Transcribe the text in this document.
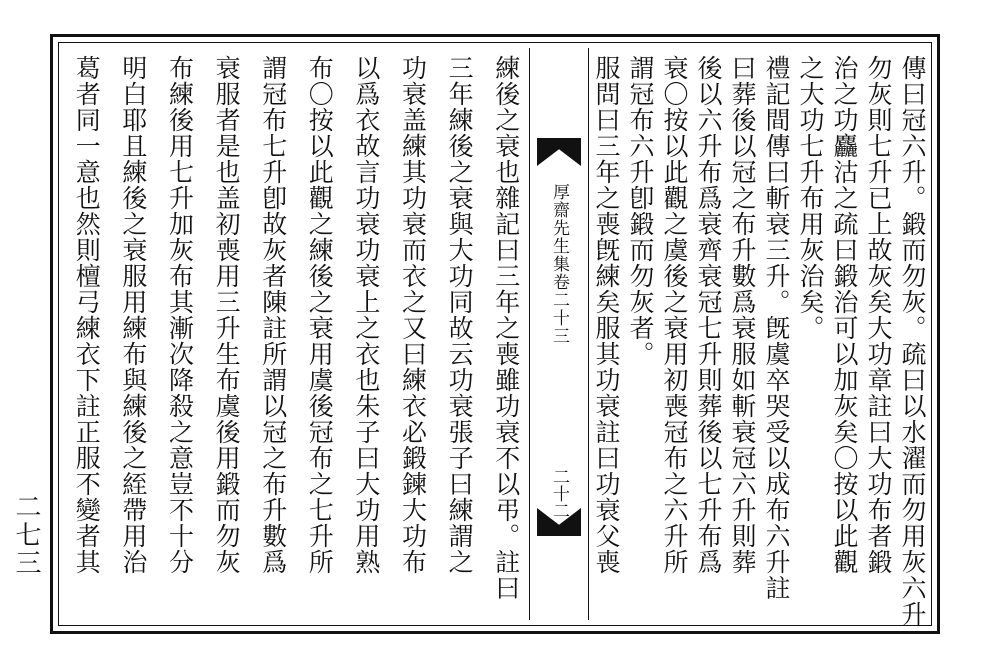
厚齋先生集卷二十三
二十二	傳曰冠六升。鍛而勿灰。疏曰以水濯而勿用灰六升
勿灰則七升已上故灰矣大功章註曰大功布者鍛
治之功麤沽之疏曰鍛治可以加灰矣〇按以此觀
之大功七升布用灰治矣。
禮記間傳曰斬衰三升。旣虞卒哭受以成布六升註
曰葬後以冠之布升數爲衰服如斬衰冠六升則葬
後以六升布爲衰齊衰冠七升則葬後以七升布爲
衰〇按以此觀之虞後之衰用初喪冠布之六升所
謂冠布六升卽鍛而勿灰者。
服問曰三年之喪旣練矣服其功衰註曰功衰父喪
練後之衰也雜記曰三年之喪雖功衰不以弔。註曰
三年練後之衰與大功同故云功衰張子曰練謂之
功衰盖練其功衰而衣之又曰練衣必鍛鍊大功布
以爲衣故言功衰功衰上之衣也朱子曰大功用熟
布〇按以此觀之練後之衰用虞後冠布之七升所
謂冠布七升卽故灰者陳註所謂以冠之布升數爲
衰服者是也盖初喪用三升生布虞後用鍛而勿灰
布練後用七升加灰布其漸次降殺之意豈不十分
明白耶且練後之衰服用練布與練後之絰帶用治
葛者同一意也然則檀弓練衣下註正服不變者其
二七三
